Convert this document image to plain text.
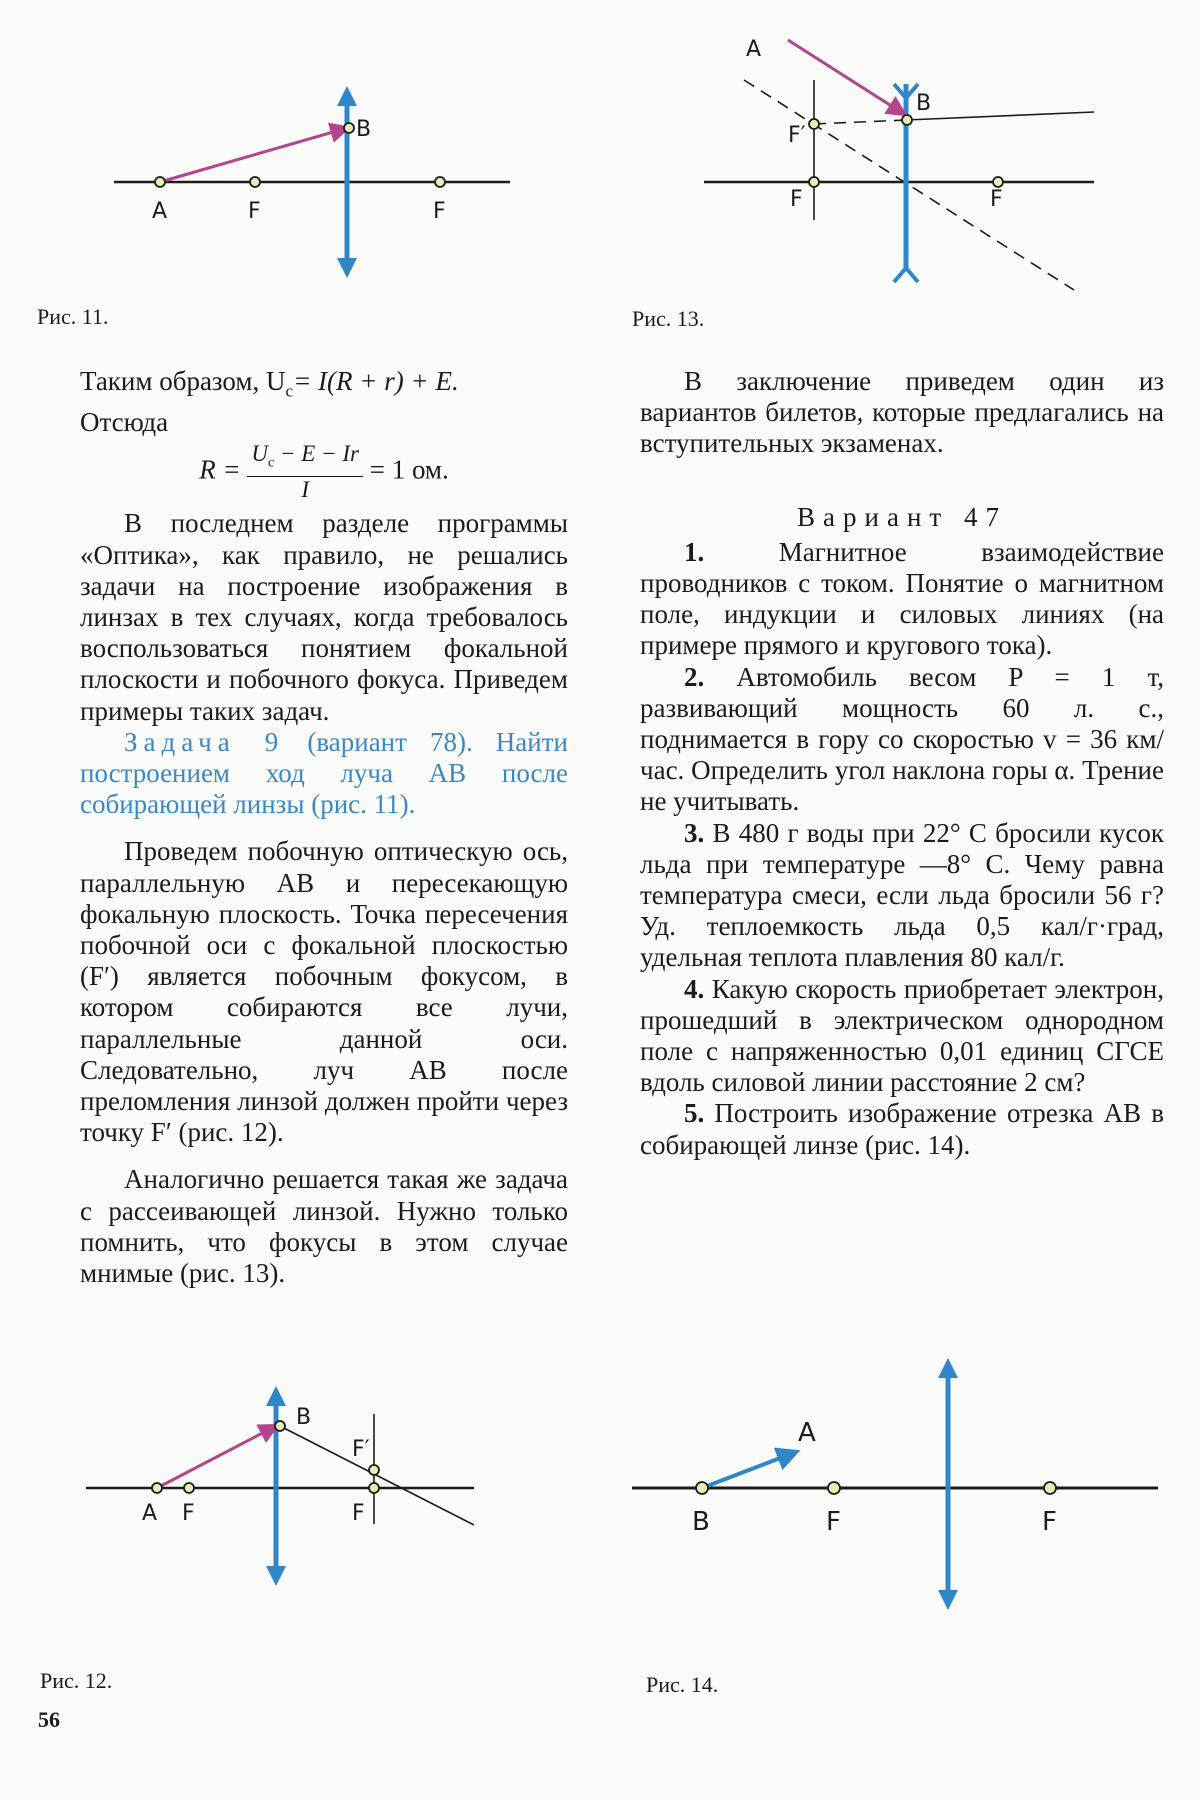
A
B
F	F
A
B
F′
F	F
B
F′
A F	F
A
B	F	F
Рис. 11.	Рис. 13.
Рис. 12.	Рис. 14.

Таким образом, $U_c= I(R + r) + E$.

Отсюда

$R = \frac{U_c - E - Ir}{I} = 1$ ом.

В последнем разделе программы «Оптика», как правило, не решались задачи на построение изображения в линзах в тех случаях, когда требовалось воспользоваться понятием фокальной плоскости и побочного фокуса. Приведем примеры таких задач.

Задача 9 (вариант 78). Найти построением ход луча AB после собирающей линзы (рис. 11).

Проведем побочную оптическую ось, параллельную AB и пересекающую фокальную плоскость. Точка пересечения побочной оси с фокальной плоскостью (F′) является побочным фокусом, в котором собираются все лучи, параллельные данной оси. Следовательно, луч AB после преломления линзой должен пройти через точку F′ (рис. 12).

Аналогично решается такая же задача с рассеивающей линзой. Нужно только помнить, что фокусы в этом случае мнимые (рис. 13).

В заключение приведем один из вариантов билетов, которые предлагались на вступительных экзаменах.

Вариант 47

1. Магнитное взаимодействие проводников с током. Понятие о магнитном поле, индукции и силовых линиях (на примере прямого и кругового тока).

2. Автомобиль весом P = 1 т, развивающий мощность 60 л. с., поднимается в гору со скоростью v = 36 км/час. Определить угол наклона горы α. Трение не учитывать.

3. В 480 г воды при 22° С бросили кусок льда при температуре —8° С. Чему равна температура смеси, если льда бросили 56 г? Уд. теплоемкость льда 0,5 кал/г·град, удельная теплота плавления 80 кал/г.

4. Какую скорость приобретает электрон, прошедший в электрическом однородном поле с напряженностью 0,01 единиц СГСЕ вдоль силовой линии расстояние 2 см?

5. Построить изображение отрезка AB в собирающей линзе (рис. 14).

56
